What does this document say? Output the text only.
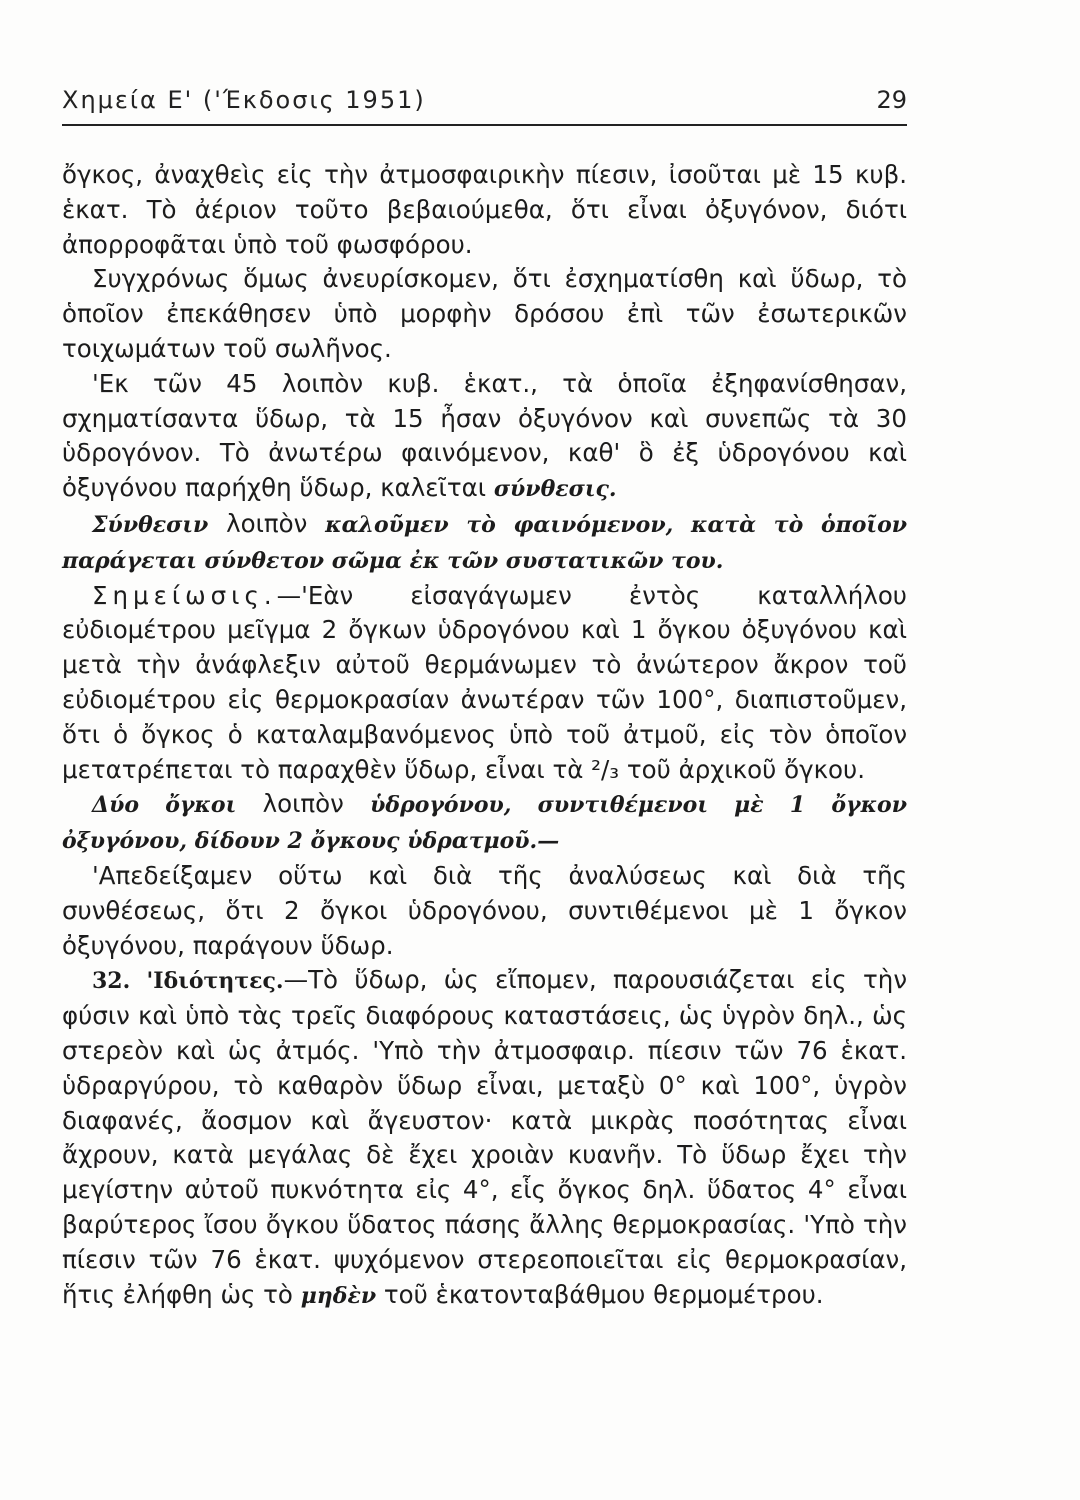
Χημεία Ε' ('Έκδοσις 1951)	29

ὄγκος, ἀναχθεὶς εἰς τὴν ἀτμοσφαιρικὴν πίεσιν, ἰσοῦται μὲ 15 κυβ. ἑκατ. Τὸ ἀέριον τοῦτο βεβαιούμεθα, ὅτι εἶναι ὀξυγόνον, διότι ἀπορροφᾶται ὑπὸ τοῦ φωσφόρου.

Συγχρόνως ὅμως ἀνευρίσκομεν, ὅτι ἐσχηματίσθη καὶ ὕδωρ, τὸ ὁποῖον ἐπεκάθησεν ὑπὸ μορφὴν δρόσου ἐπὶ τῶν ἐσωτερικῶν τοιχωμάτων τοῦ σωλῆνος.

'Εκ τῶν 45 λοιπὸν κυβ. ἑκατ., τὰ ὁποῖα ἐξηφανίσθησαν, σχηματίσαντα ὕδωρ, τὰ 15 ἦσαν ὀξυγόνον καὶ συνεπῶς τὰ 30 ὑδρογόνον. Τὸ ἀνωτέρω φαινόμενον, καθ' ὃ ἐξ ὑδρογόνου καὶ ὀξυγόνου παρήχθη ὕδωρ, καλεῖται σύνθεσις.

Σύνθεσιν λοιπὸν καλοῦμεν τὸ φαινόμενον, κατὰ τὸ ὁποῖον παράγεται σύνθετον σῶμα ἐκ τῶν συστατικῶν του.

Σημείωσις.—'Εὰν εἰσαγάγωμεν ἐντὸς καταλλήλου εὐδιομέτρου μεῖγμα 2 ὄγκων ὑδρογόνου καὶ 1 ὄγκου ὀξυγόνου καὶ μετὰ τὴν ἀνάφλεξιν αὐτοῦ θερμάνωμεν τὸ ἀνώτερον ἄκρον τοῦ εὐδιομέτρου εἰς θερμοκρασίαν ἀνωτέραν τῶν 100°, διαπιστοῦμεν, ὅτι ὁ ὄγκος ὁ καταλαμβανόμενος ὑπὸ τοῦ ἀτμοῦ, εἰς τὸν ὁποῖον μετατρέπεται τὸ παραχθὲν ὕδωρ, εἶναι τὰ ²/₃ τοῦ ἀρχικοῦ ὄγκου.

Δύο ὄγκοι λοιπὸν ὑδρογόνου, συντιθέμενοι μὲ 1 ὄγκον ὀξυγόνου, δίδουν 2 ὄγκους ὑδρατμοῦ.—

'Απεδείξαμεν οὕτω καὶ διὰ τῆς ἀναλύσεως καὶ διὰ τῆς συνθέσεως, ὅτι 2 ὄγκοι ὑδρογόνου, συντιθέμενοι μὲ 1 ὄγκον ὀξυγόνου, παράγουν ὕδωρ.

32. 'Ιδιότητες.—Τὸ ὕδωρ, ὡς εἴπομεν, παρουσιάζεται εἰς τὴν φύσιν καὶ ὑπὸ τὰς τρεῖς διαφόρους καταστάσεις, ὡς ὑγρὸν δηλ., ὡς στερεὸν καὶ ὡς ἀτμός. 'Υπὸ τὴν ἀτμοσφαιρ. πίεσιν τῶν 76 ἑκατ. ὑδραργύρου, τὸ καθαρὸν ὕδωρ εἶναι, μεταξὺ 0° καὶ 100°, ὑγρὸν διαφανές, ἄοσμον καὶ ἄγευστον· κατὰ μικρὰς ποσότητας εἶναι ἄχρουν, κατὰ μεγάλας δὲ ἔχει χροιὰν κυανῆν. Τὸ ὕδωρ ἔχει τὴν μεγίστην αὐτοῦ πυκνότητα εἰς 4°, εἷς ὄγκος δηλ. ὕδατος 4° εἶναι βαρύτερος ἴσου ὄγκου ὕδατος πάσης ἄλλης θερμοκρασίας. 'Υπὸ τὴν πίεσιν τῶν 76 ἑκατ. ψυχόμενον στερεοποιεῖται εἰς θερμοκρασίαν, ἥτις ἐλήφθη ὡς τὸ μηδὲν τοῦ ἑκατονταβάθμου θερμομέτρου.
